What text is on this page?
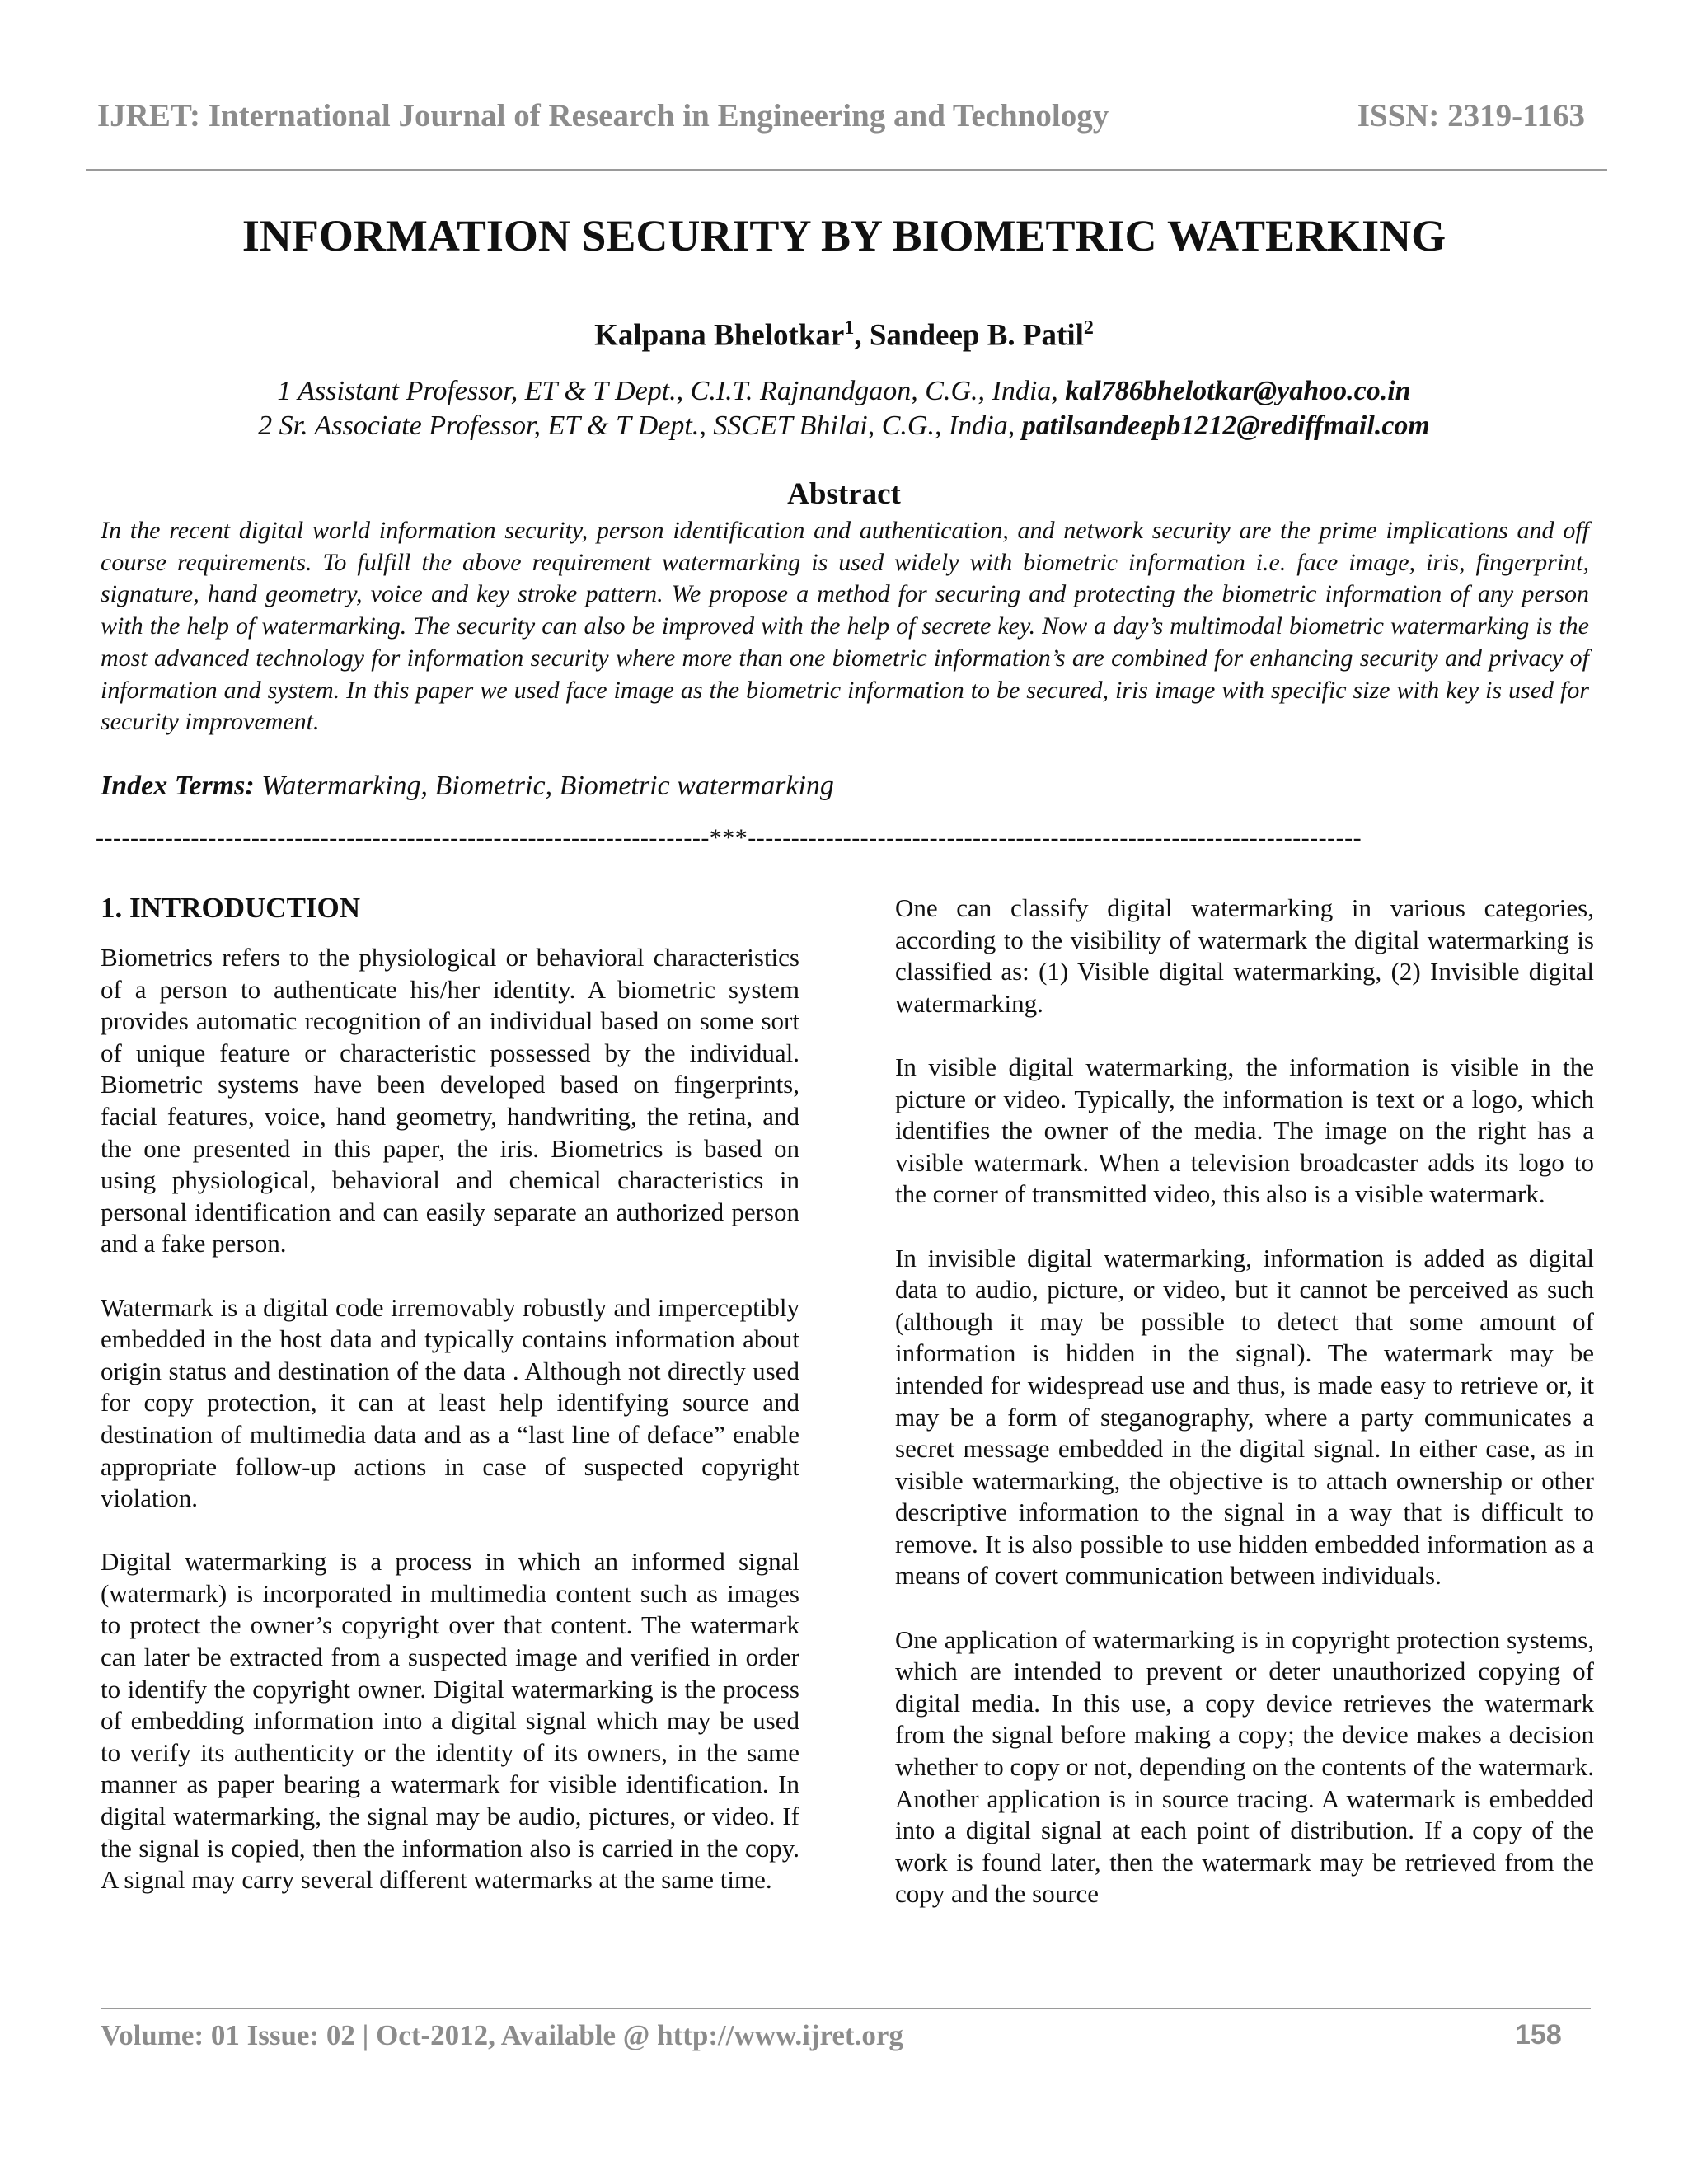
IJRET: International Journal of Research in Engineering and Technology	ISSN: 2319-1163
INFORMATION SECURITY BY BIOMETRIC WATERKING
Kalpana Bhelotkar$^1$, Sandeep B. Patil$^2$
1 Assistant Professor, ET & T Dept., C.I.T. Rajnandgaon, C.G., India, kal786bhelotkar@yahoo.co.in
2 Sr. Associate Professor, ET & T Dept., SSCET Bhilai, C.G., India, patilsandeepb1212@rediffmail.com
Abstract
In the recent digital world information security, person identification and authentication, and network security are the prime implications and off course requirements. To fulfill the above requirement watermarking is used widely with biometric information i.e. face image, iris, fingerprint, signature, hand geometry, voice and key stroke pattern. We propose a method for securing and protecting the biometric information of any person with the help of watermarking. The security can also be improved with the help of secrete key. Now a day’s multimodal biometric watermarking is the most advanced technology for information security where more than one biometric information’s are combined for enhancing security and privacy of information and system. In this paper we used face image as the biometric information to be secured, iris image with specific size with key is used for security improvement.
Index Terms: Watermarking, Biometric, Biometric watermarking
-----------------------------------------------------------------------***-----------------------------------------------------------------------
1. INTRODUCTION

Biometrics refers to the physiological or behavioral characteristics of a person to authenticate his/her identity. A biometric system provides automatic recognition of an individual based on some sort of unique feature or characteristic possessed by the individual. Biometric systems have been developed based on fingerprints, facial features, voice, hand geometry, handwriting, the retina, and the one presented in this paper, the iris. Biometrics is based on using physiological, behavioral and chemical characteristics in personal identification and can easily separate an authorized person and a fake person.

Watermark is a digital code irremovably robustly and imperceptibly embedded in the host data and typically contains information about origin status and destination of the data . Although not directly used for copy protection, it can at least help identifying source and destination of multimedia data and as a “last line of deface” enable appropriate follow-up actions in case of suspected copyright violation.

Digital watermarking is a process in which an informed signal (watermark) is incorporated in multimedia content such as images to protect the owner’s copyright over that content. The watermark can later be extracted from a suspected image and verified in order to identify the copyright owner. Digital watermarking is the process of embedding information into a digital signal which may be used to verify its authenticity or the identity of its owners, in the same manner as paper bearing a watermark for visible identification. In digital watermarking, the signal may be audio, pictures, or video. If the signal is copied, then the information also is carried in the copy. A signal may carry several different watermarks at the same time.

One can classify digital watermarking in various categories, according to the visibility of watermark the digital watermarking is classified as: (1) Visible digital watermarking, (2) Invisible digital watermarking.

In visible digital watermarking, the information is visible in the picture or video. Typically, the information is text or a logo, which identifies the owner of the media. The image on the right has a visible watermark. When a television broadcaster adds its logo to the corner of transmitted video, this also is a visible watermark.

In invisible digital watermarking, information is added as digital data to audio, picture, or video, but it cannot be perceived as such (although it may be possible to detect that some amount of information is hidden in the signal). The watermark may be intended for widespread use and thus, is made easy to retrieve or, it may be a form of steganography, where a party communicates a secret message embedded in the digital signal. In either case, as in visible watermarking, the objective is to attach ownership or other descriptive information to the signal in a way that is difficult to remove. It is also possible to use hidden embedded information as a means of covert communication between individuals.

One application of watermarking is in copyright protection systems, which are intended to prevent or deter unauthorized copying of digital media. In this use, a copy device retrieves the watermark from the signal before making a copy; the device makes a decision whether to copy or not, depending on the contents of the watermark. Another application is in source tracing. A watermark is embedded into a digital signal at each point of distribution. If a copy of the work is found later, then the watermark may be retrieved from the copy and the source

Volume: 01 Issue: 02 | Oct-2012, Available @ http://www.ijret.org	158
